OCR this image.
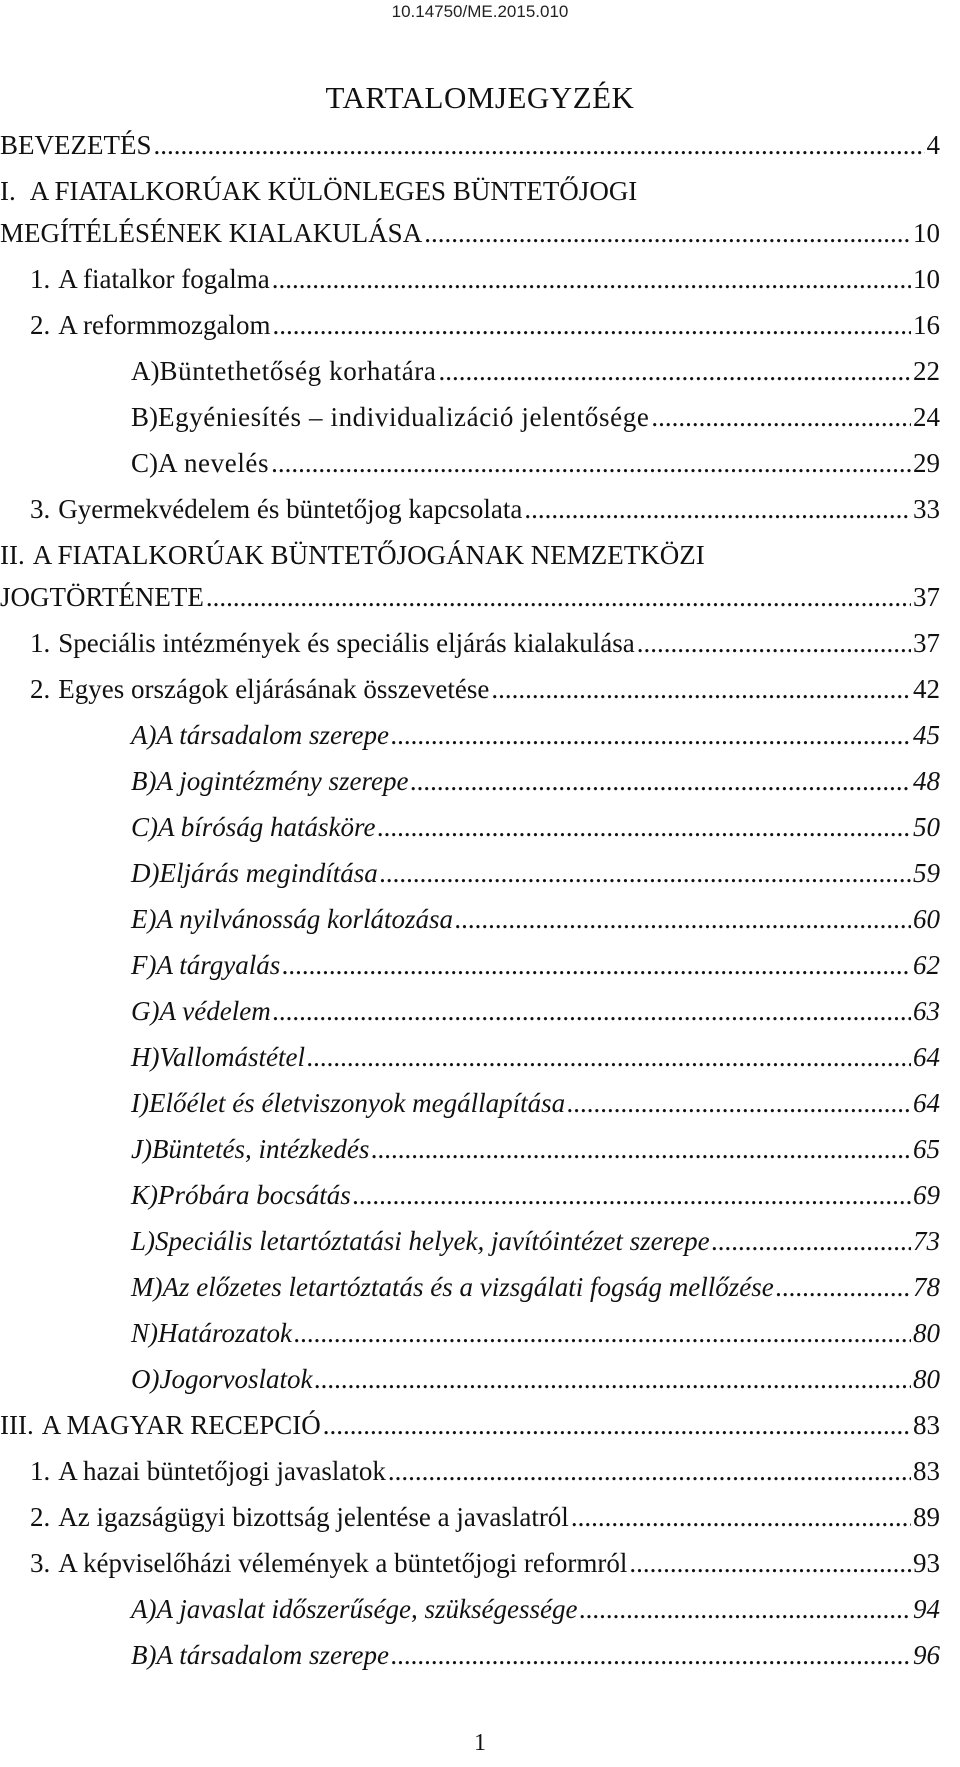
10.14750/ME.2015.010
TARTALOMJEGYZÉK
BEVEZETÉS .....	4
I. A FIATALKORÚAK KÜLÖNLEGES BÜNTETŐJOGI
MEGÍTÉLÉSÉNEK KIALAKULÁSA .....	10
1. A fiatalkor fogalma .....	10
2. A reformmozgalom .....	16
A) Büntethetőség korhatára .....	22
B) Egyéniesítés – individualizáció jelentősége .....	24
C) A nevelés .....	29
3. Gyermekvédelem és büntetőjog kapcsolata .....	33
II. A FIATALKORÚAK BÜNTETŐJOGÁNAK NEMZETKÖZI
JOGTÖRTÉNETE .....	37
1. Speciális intézmények és speciális eljárás kialakulása .....	37
2. Egyes országok eljárásának összevetése .....	42
A) A társadalom szerepe .....	45
B) A jogintézmény szerepe .....	48
C) A bíróság hatásköre .....	50
D) Eljárás megindítása .....	59
E) A nyilvánosság korlátozása .....	60
F) A tárgyalás .....	62
G) A védelem .....	63
H) Vallomástétel .....	64
I) Előélet és életviszonyok megállapítása .....	64
J) Büntetés, intézkedés .....	65
K) Próbára bocsátás .....	69
L) Speciális letartóztatási helyek, javítóintézet szerepe .....	73
M) Az előzetes letartóztatás és a vizsgálati fogság mellőzése .....	78
N) Határozatok .....	80
O) Jogorvoslatok .....	80
III. A MAGYAR RECEPCIÓ .....	83
1. A hazai büntetőjogi javaslatok .....	83
2. Az igazságügyi bizottság jelentése a javaslatról .....	89
3. A képviselőházi vélemények a büntetőjogi reformról .....	93
A) A javaslat időszerűsége, szükségessége .....	94
B) A társadalom szerepe .....	96
1
